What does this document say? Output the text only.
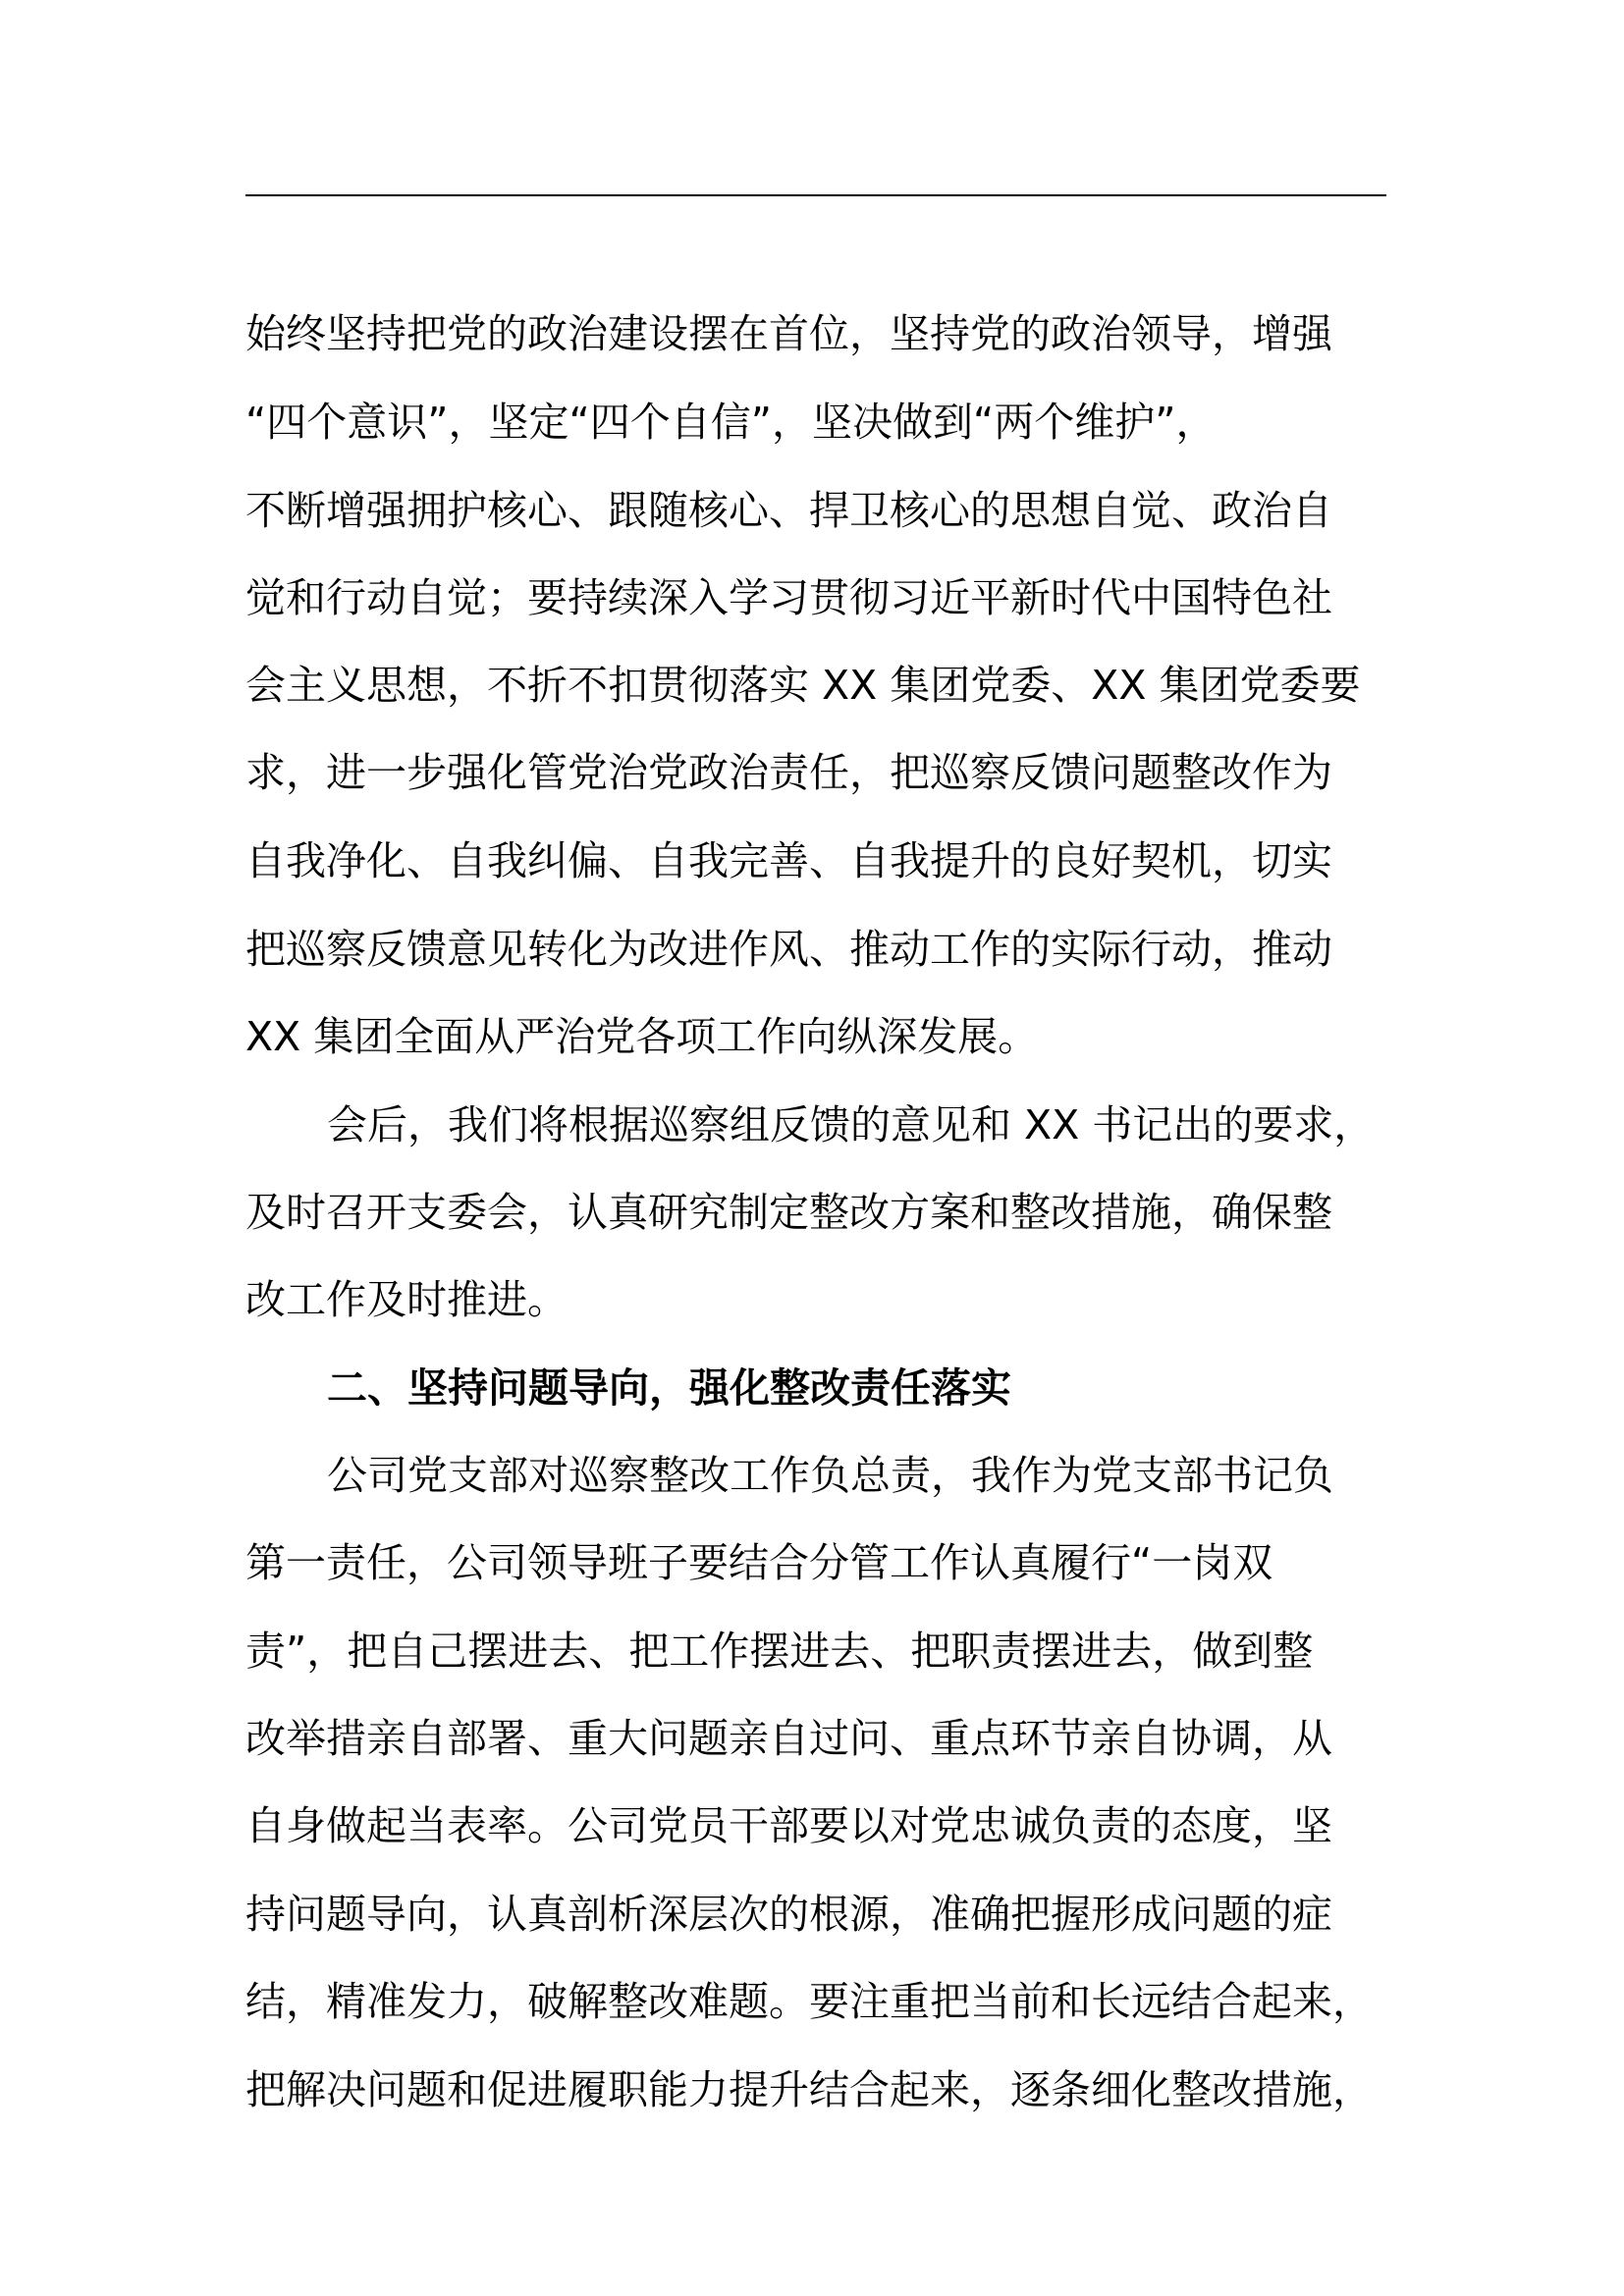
始终坚持把党的政治建设摆在首位，坚持党的政治领导，增强
“四个意识”，坚定“四个自信”，坚决做到“两个维护”，
不断增强拥护核心、跟随核心、捍卫核心的思想自觉、政治自
觉和行动自觉；要持续深入学习贯彻习近平新时代中国特色社
会主义思想，不折不扣贯彻落实 XX 集团党委、XX 集团党委要
求，进一步强化管党治党政治责任，把巡察反馈问题整改作为
自我净化、自我纠偏、自我完善、自我提升的良好契机，切实
把巡察反馈意见转化为改进作风、推动工作的实际行动，推动
XX 集团全面从严治党各项工作向纵深发展。
会后，我们将根据巡察组反馈的意见和 XX 书记出的要求，
及时召开支委会，认真研究制定整改方案和整改措施，确保整
改工作及时推进。
二、坚持问题导向，强化整改责任落实
公司党支部对巡察整改工作负总责，我作为党支部书记负
第一责任，公司领导班子要结合分管工作认真履行“一岗双
责”，把自己摆进去、把工作摆进去、把职责摆进去，做到整
改举措亲自部署、重大问题亲自过问、重点环节亲自协调，从
自身做起当表率。公司党员干部要以对党忠诚负责的态度，坚
持问题导向，认真剖析深层次的根源，准确把握形成问题的症
结，精准发力，破解整改难题。要注重把当前和长远结合起来，
把解决问题和促进履职能力提升结合起来，逐条细化整改措施，
